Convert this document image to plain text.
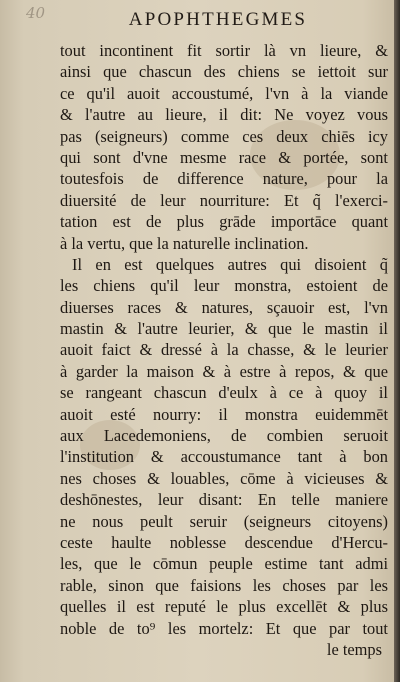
40	APOPHTHEGMES
tout incontinent fit sortir là vn lieure, &
ainsi que chascun des chiens se iettoit sur
ce qu'il auoit accoustumé, l'vn à la viande
& l'autre au lieure, il dit: Ne voyez vous
pas (seigneurs) comme ces deux chiēs icy
qui sont d'vne mesme race & portée, sont
toutesfois de difference nature, pour la
diuersité de leur nourriture: Et q̃ l'exerci-
tation est de plus grāde importāce quant
à la vertu, que la naturelle inclination.
Il en est quelques autres qui disoient q̃
les chiens qu'il leur monstra, estoient de
diuerses races & natures, sçauoir est, l'vn
mastin & l'autre leurier, & que le mastin il
auoit faict & dressé à la chasse, & le leurier
à garder la maison & à estre à repos, & que
se rangeant chascun d'eulx à ce à quoy il
auoit esté nourry: il monstra euidemmēt
aux Lacedemoniens, de combien seruoit
l'institution & accoustumance tant à bon
nes choses & louables, cōme à vicieuses &
deshōnestes, leur disant: En telle maniere
ne nous peult seruir (seigneurs citoyens)
ceste haulte noblesse descendue d'Hercu-
les, que le cōmun peuple estime tant admi
rable, sinon que faisions les choses par les
quelles il est reputé le plus excellēt & plus
noble de to⁹ les mortelz: Et que par tout
le temps
